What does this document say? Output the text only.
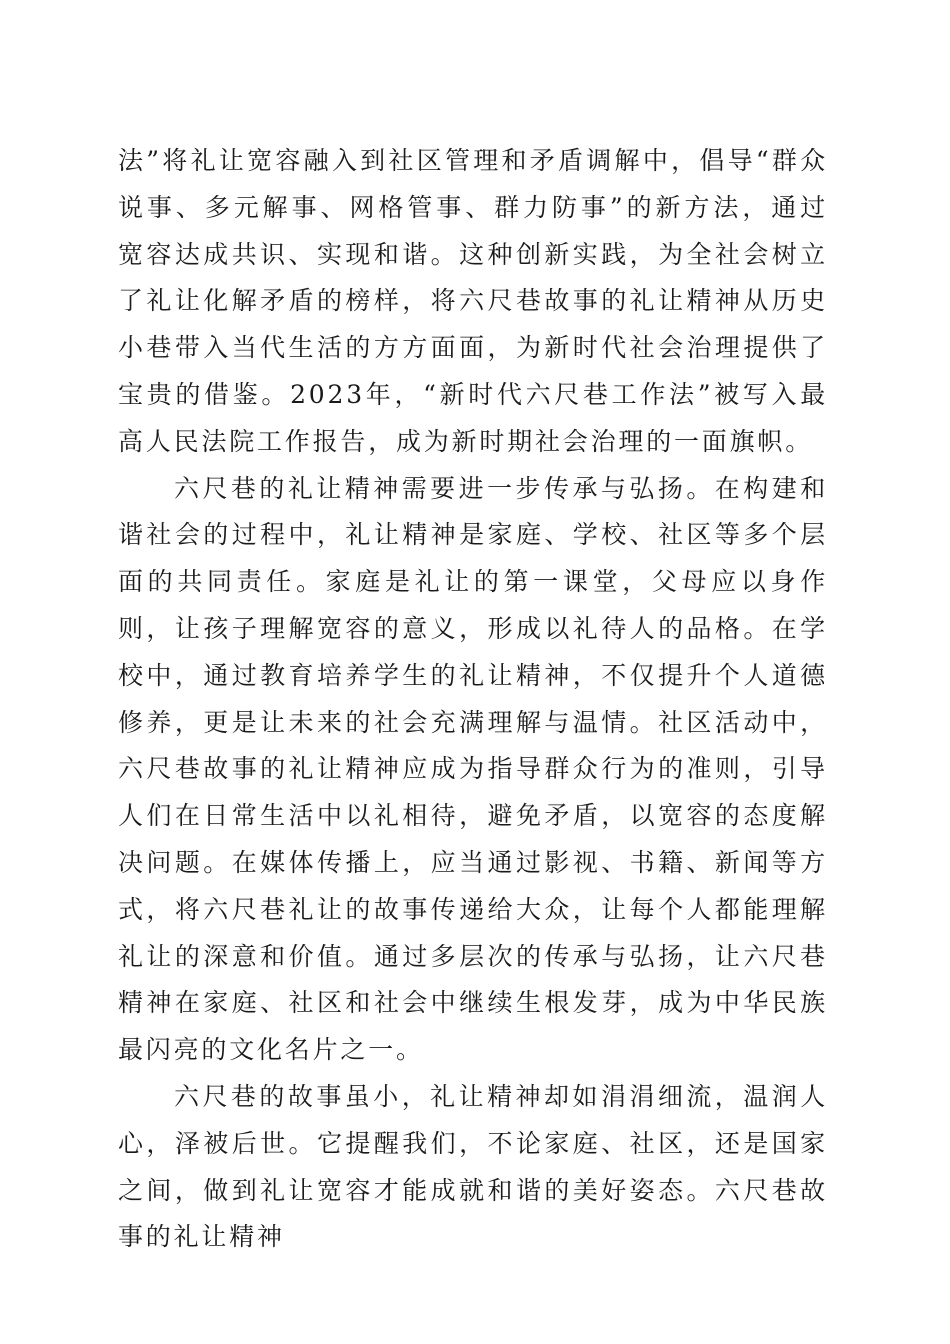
法”将礼让宽容融入到社区管理和矛盾调解中，倡导“群众说事、多元解事、网格管事、群力防事”的新方法，通过宽容达成共识、实现和谐。这种创新实践，为全社会树立了礼让化解矛盾的榜样，将六尺巷故事的礼让精神从历史小巷带入当代生活的方方面面，为新时代社会治理提供了宝贵的借鉴。2023年，“新时代六尺巷工作法”被写入最高人民法院工作报告，成为新时期社会治理的一面旗帜。

六尺巷的礼让精神需要进一步传承与弘扬。在构建和谐社会的过程中，礼让精神是家庭、学校、社区等多个层面的共同责任。家庭是礼让的第一课堂，父母应以身作则，让孩子理解宽容的意义，形成以礼待人的品格。在学校中，通过教育培养学生的礼让精神，不仅提升个人道德修养，更是让未来的社会充满理解与温情。社区活动中，六尺巷故事的礼让精神应成为指导群众行为的准则，引导人们在日常生活中以礼相待，避免矛盾，以宽容的态度解决问题。在媒体传播上，应当通过影视、书籍、新闻等方式，将六尺巷礼让的故事传递给大众，让每个人都能理解礼让的深意和价值。通过多层次的传承与弘扬，让六尺巷精神在家庭、社区和社会中继续生根发芽，成为中华民族最闪亮的文化名片之一。

六尺巷的故事虽小，礼让精神却如涓涓细流，温润人心，泽被后世。它提醒我们，不论家庭、社区，还是国家之间，做到礼让宽容才能成就和谐的美好姿态。六尺巷故事的礼让精神
